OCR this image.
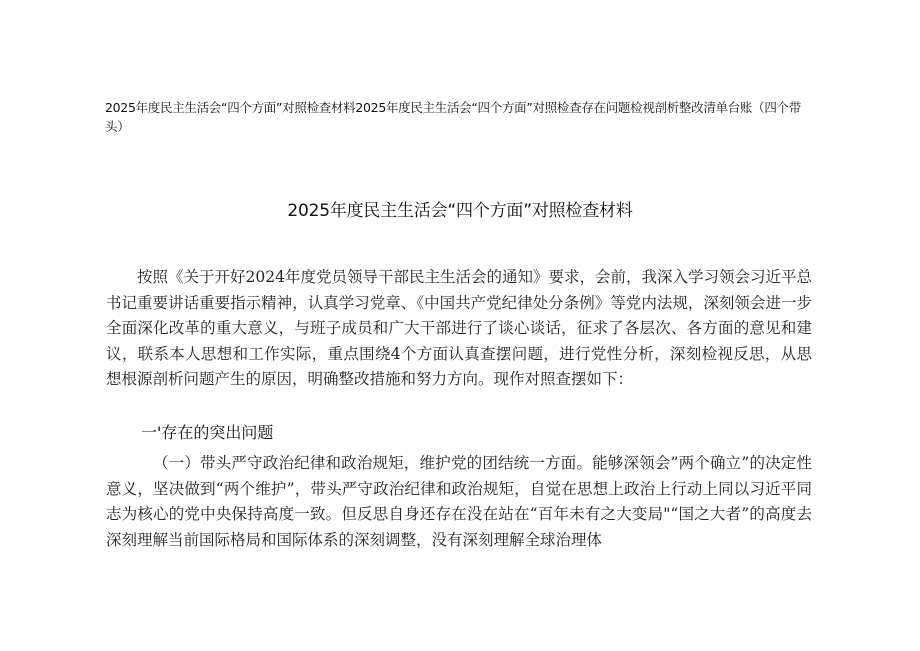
2025年度民主生活会“四个方面”对照检查材料2025年度民主生活会“四个方面”对照检查存在问题检视剖析整改清单台账（四个带头）
2025年度民主生活会“四个方面”对照检查材料
按照《关于开好2024年度党员领导干部民主生活会的通知》要求，会前，我深入学习领会习近平总书记重要讲话重要指示精神，认真学习党章、《中国共产党纪律处分条例》等党内法规，深刻领会进一步全面深化改革的重大意义，与班子成员和广大干部进行了谈心谈话，征求了各层次、各方面的意见和建议，联系本人思想和工作实际，重点围绕4个方面认真查摆问题，进行党性分析，深刻检视反思，从思想根源剖析问题产生的原因，明确整改措施和努力方向。现作对照查摆如下：
一'存在的突出问题
（一）带头严守政治纪律和政治规矩，维护党的团结统一方面。能够深领会”两个确立”的决定性意义，坚决做到“两个维护”，带头严守政治纪律和政治规矩，自觉在思想上政治上行动上同以习近平同志为核心的党中央保持高度一致。但反思自身还存在没在站在“百年未有之大变局"“国之大者”的高度去深刻理解当前国际格局和国际体系的深刻调整，没有深刻理解全球治理体
